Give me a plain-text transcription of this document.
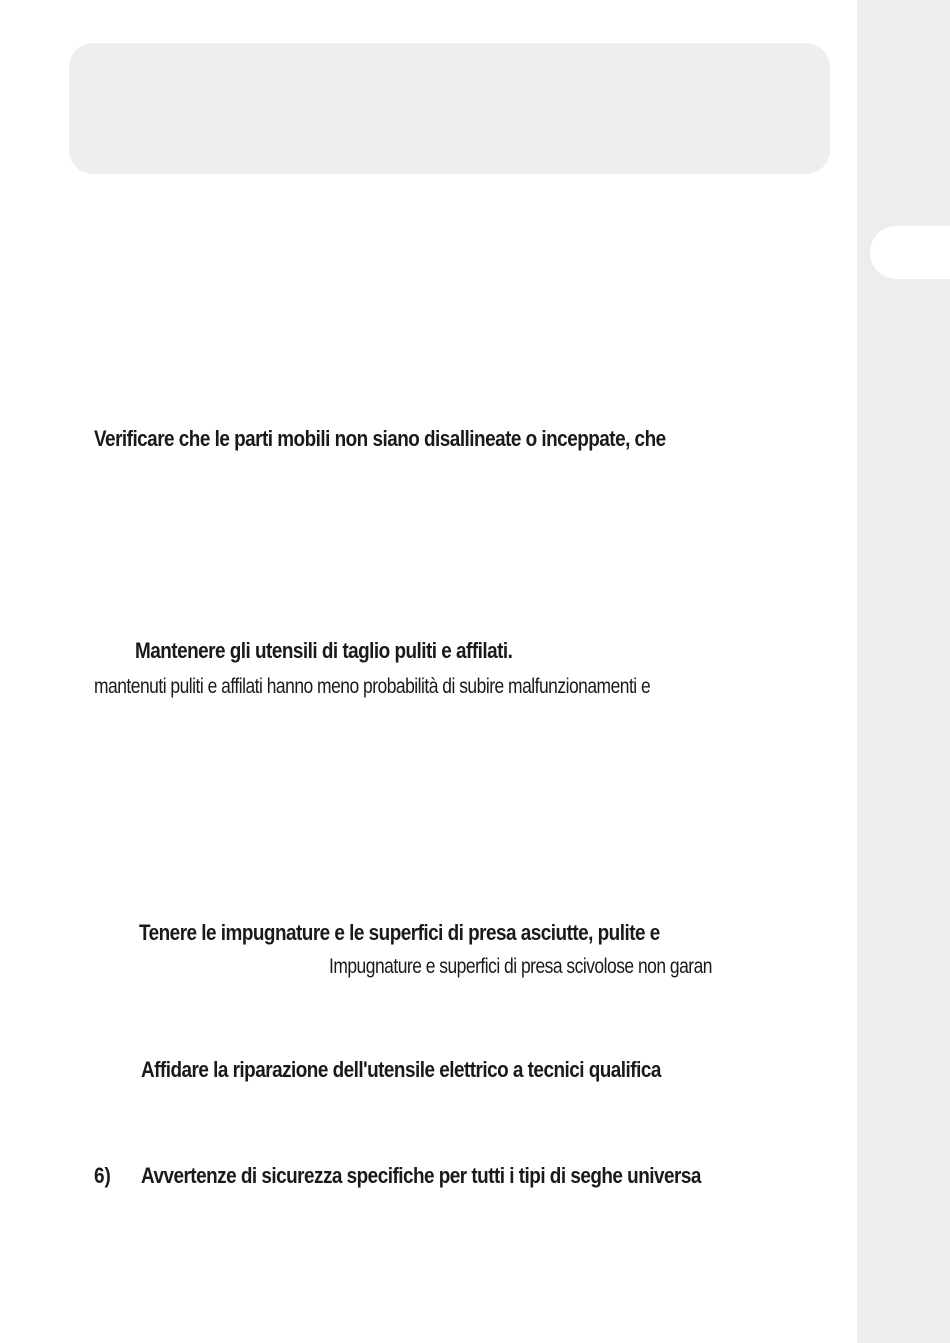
Verificare che le parti mobili non siano disallineate o inceppate, che

Mantenere gli utensili di taglio puliti e affilati.

mantenuti puliti e affilati hanno meno probabilità di subire malfunzionamenti e

Tenere le impugnature e le superfici di presa asciutte, pulite e

Impugnature e superfici di presa scivolose non garan

Affidare la riparazione dell'utensile elettrico a tecnici qualifica

6) Avvertenze di sicurezza specifiche per tutti i tipi di seghe universa
